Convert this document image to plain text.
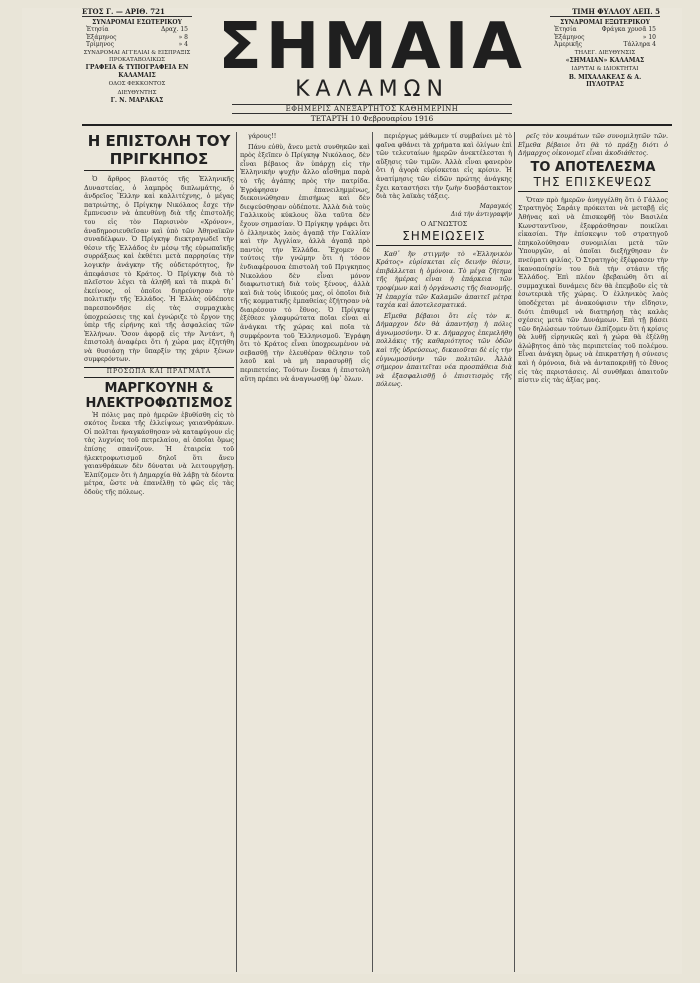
ΕΤΟΣ Γ. — ΑΡΙΘ. 721
ΣΥΝΔΡΟΜΑΙ ΕΣΩΤΕΡΙΚΟΥ
Ἐτησία	Δραχ. 15
Ἑξάμηνος	» 8
Τρίμηνος	» 4
ΣΥΝΔΡΟΜΑΙ ΑΓΓΕΛΙΑΙ & ΕΙΣΠΡΑΞΙΣ ΠΡΟΚΑΤΑΒΟΛΙΚΩΣ
ΓΡΑΦΕΙΑ & ΤΥΠΟΓΡΑΦΕΙΑ ΕΝ ΚΑΛΑΜΑΙΣ
ΟΔΟΣ ΦΕΚΚΟΝΤΟΣ
ΔΙΕΥΘΥΝΤΗΣ
Γ. Ν. ΜΑΡΑΚΑΣ
ΣΗΜΑΙΑ
ΚΑΛΑΜΩΝ
ΕΦΗΜΕΡΙΣ ΑΝΕΞΑΡΤΗΤΟΣ ΚΑΘΗΜΕΡΙΝΗ
ΤΕΤΑΡΤΗ 10 Φεβρουαρίου 1916
ΤΙΜΗ ΦΥΛΛΟΥ ΛΕΠ. 5
ΣΥΝΔΡΟΜΑΙ ΕΞΩΤΕΡΙΚΟΥ
Ἐτησία	Φράγκα χρυσᾶ 15
Ἑξάμηνος	» 10
Ἀμερικῆς	Τάλληρα 4
ΤΗΛΕΓ. ΔΙΕΥΘΥΝΣΙΣ
«ΣΗΜΑΙΑΝ» ΚΑΛΑΜΑΣ
ΙΔΡΥΤΑΙ & ΙΔΙΟΚΤΗΤΑΙ
Β. ΜΙΧΑΛΑΚΕΑΣ & Α. ΠΥΛΟΤΡΑΣ
Η ΕΠΙΣΤΟΛΗ ΤΟΥ ΠΡΙΓΚΗΠΟΣ

Ὁ ἄρθρος βλαστός τῆς Ἑλληνικῆς Δυναστείας, ὁ λαμπρὸς διπλωμάτης, ὁ ἀνδρεῖος Ἕλλην καὶ καλλιτέχνης, ὁ μέγας πατριώτης, ὁ Πρίγκηψ Νικόλαος ἔσχε τὴν ἔμπνευσιν νὰ ἀπευθύνῃ διὰ τῆς ἐπιστολῆς του εἰς τὸν Παρισινὸν «Χρόνον», ἀναδημοσιευθεῖσαν καὶ ὑπὸ τῶν Ἀθηναϊκῶν συναδέλφων. Ὁ Πρίγκηψ διεκτραγωδεῖ τὴν θέσιν τῆς Ἑλλάδος ἐν μέσῳ τῆς εὐρωπαϊκῆς συρράξεως καὶ ἐκθέτει μετὰ παρρησίας τὴν λογικὴν ἀνάγκην τῆς οὐδετερότητος, ἣν ἀπεφάσισε τὸ Κράτος. Ὁ Πρίγκηψ διὰ τὸ πλεῖστον λέγει τὰ ἀληθῆ καὶ τὰ πικρὰ δι᾽ ἐκείνους, οἱ ὁποῖοι διηρεύνησαν τὴν πολιτικὴν τῆς Ἑλλάδος. Ἡ Ἑλλὰς οὐδέποτε παρεσπονδήσε εἰς τὰς συμμαχικὰς ὑποχρεώσεις της καὶ ἐγνώριζε τὸ ἔργον της ὑπὲρ τῆς εἰρήνης καὶ τῆς ἀσφαλείας τῶν Ἑλλήνων. Ὅσον ἀφορᾷ εἰς τὴν Ἀντάντ, ἡ ἐπιστολὴ ἀναφέρει ὅτι ἡ χώρα μας ἐζητήθη νὰ θυσιάσῃ τὴν ὕπαρξίν της χάριν ξένων συμφερόντων.

ΠΡΟΣΩΠΑ ΚΑΙ ΠΡΑΓΜΑΤΑ
ΜΑΡΓΚΟΥΝΗ & ΗΛΕΚΤΡΟΦΩΤΙΣΜΟΣ

Ἡ πόλις μας πρὸ ἡμερῶν ἐβυθίσθη εἰς τὸ σκότος ἕνεκα τῆς ἐλλείψεως γαιανθράκων. Οἱ πολῖται ἠναγκάσθησαν νὰ καταφύγουν εἰς τὰς λυχνίας τοῦ πετρελαίου, αἱ ὁποῖαι ὅμως ἐπίσης σπανίζουν. Ἡ ἑταιρεία τοῦ ἠλεκτροφωτισμοῦ δηλοῖ ὅτι ἄνευ γαιανθράκων δὲν δύναται νὰ λειτουργήσῃ. Ἐλπίζομεν ὅτι ἡ Δημαρχία θὰ λάβῃ τὰ δέοντα μέτρα, ὥστε νὰ ἐπανέλθῃ τὸ φῶς εἰς τὰς ὁδοὺς τῆς πόλεως.

γάρους!!

Πάνυ εὐθὺ, ἄνευ μετὰ συνθηκῶν καὶ πρὸς ἐξεῖπεν ὁ Πρίγκηψ Νικόλαος, δὲν εἶναι βέβαιος ἂν ὑπάρχῃ εἰς τὴν Ἑλληνικὴν ψυχὴν ἄλλο αἴσθημα παρὰ τὸ τῆς ἀγάπης πρὸς τὴν πατρίδα. Ἐγράφησαν ἐπανειλημμένως, διεκοινώθησαν ἐπισήμως καὶ δὲν διεψεύσθησαν οὐδέποτε. Ἀλλὰ διὰ τοὺς Γαλλικοὺς κύκλους ὅλα ταῦτα δὲν ἔχουν σημασίαν. Ὁ Πρίγκηψ γράφει ὅτι ὁ ἑλληνικὸς λαὸς ἀγαπᾷ τὴν Γαλλίαν καὶ τὴν Ἀγγλίαν, ἀλλὰ ἀγαπᾷ πρὸ παντὸς τὴν Ἑλλάδα. Ἔχομεν δὲ τούτοις τὴν γνώμην ὅτι ἡ τόσον ἐνδιαφέρουσα ἐπιστολὴ τοῦ Πριγκηπος Νικολάου δὲν εἶναι μόνον διαφωτιστικὴ διὰ τοὺς ξένους, ἀλλὰ καὶ διὰ τοὺς ἰδικούς μας, οἱ ὁποῖοι διὰ τῆς κομματικῆς ἐμπαθείας ἐζήτησαν νὰ διαιρέσουν τὸ ἔθνος. Ὁ Πρίγκηψ ἐξέθεσε γλαφυρώτατα ποῖαι εἶναι αἱ ἀνάγκαι τῆς χώρας καὶ ποῖα τὰ συμφέροντα τοῦ Ἑλληνισμοῦ. Ἐγράφη ὅτι τὸ Κράτος εἶναι ὑποχρεωμένον νὰ σεβασθῇ τὴν ἐλευθέραν θέλησιν τοῦ λαοῦ καὶ νὰ μὴ παρασυρθῇ εἰς περιπετείας. Τούτων ἕνεκα ἡ ἐπιστολὴ αὕτη πρέπει νὰ ἀναγνωσθῇ ὑφ᾽ ὅλων.

περιέργως μάθωμεν τί συμβαίνει μὲ τὸ φαῖνα φθάνει τὰ χρήματα καὶ ὀλίγων ἐπὶ τῶν τελευταίων ἡμερῶν ἀνεκτέλεσται ἡ αὔξησις τῶν τιμῶν. Ἀλλὰ εἶναι φανερὸν ὅτι ἡ ἀγορὰ εὑρίσκεται εἰς κρίσιν. Ἡ ἀνατίμησις τῶν εἰδῶν πρώτης ἀνάγκης ἔχει καταστήσει τὴν ζωὴν δυσβάστακτον διὰ τὰς λαϊκὰς τάξεις.

Μαραγκός
Διά τὴν ἀντιγραφήν
Ο ΑΓΝΩΣΤΟΣ
ΣΗΜΕΙΩΣΕΙΣ

Καθ᾽ ἣν στιγμὴν τὸ «Ἑλληνικὸν Κράτος» εὑρίσκεται εἰς δεινὴν θέσιν, ἐπιβάλλεται ἡ ὁμόνοια. Τὸ μέγα ζήτημα τῆς ἡμέρας εἶναι ἡ ἐπάρκεια τῶν τροφίμων καὶ ἡ ὀργάνωσις τῆς διανομῆς. Ἡ ἐπαρχία τῶν Καλαμῶν ἀπαιτεῖ μέτρα ταχέα καὶ ἀποτελεσματικά.

Εἴμεθα βέβαιοι ὅτι εἰς τὸν κ. Δήμαρχον δὲν θὰ ἀπαντήσῃ ἡ πόλις ἀγνωμοσύνην. Ὁ κ. Δήμαρχος ἐπεμελήθη πολλάκις τῆς καθαριότητος τῶν ὁδῶν καὶ τῆς ὑδρεύσεως, δικαιοῦται δὲ εἰς τὴν εὐγνωμοσύνην τῶν πολιτῶν. Ἀλλὰ σήμερον ἀπαιτεῖται νέα προσπάθεια διὰ νὰ ἐξασφαλισθῇ ὁ ἐπισιτισμὸς τῆς πόλεως.

ρεῖς τὸν κουμάτων τῶν συνομιλητῶν τῶν. Εἴμεθα βέβαιοι ὅτι θὰ τὸ πράξῃ διότι ὁ Δήμαρχος οἰκονομεῖ εἶναι ἀκοδιάθετος.

ΤΟ ΑΠΟΤΕΛΕΣΜΑ
ΤΗΣ ΕΠΙΣΚΕΨΕΩΣ

Ὅταν πρὸ ἡμερῶν ἀνηγγέλθη ὅτι ὁ Γάλλος Στρατηγὸς Σαράιγ πρόκειται νὰ μεταβῇ εἰς Ἀθήνας καὶ νὰ ἐπισκεφθῇ τὸν Βασιλέα Κωνσταντῖνον, ἐξεφράσθησαν ποικίλαι εἰκασίαι. Τὴν ἐπίσκεψιν τοῦ στρατηγοῦ ἐπηκολούθησαν συνομιλίαι μετὰ τῶν Ὑπουργῶν, αἱ ὁποῖαι διεξήχθησαν ἐν πνεύματι φιλίας. Ὁ Στρατηγὸς ἐξέφρασεν τὴν ἱκανοποίησίν του διὰ τὴν στάσιν τῆς Ἑλλάδος. Ἐπὶ πλέον ἐβεβαιώθη ὅτι αἱ συμμαχικαὶ δυνάμεις δὲν θὰ ἐπεμβοῦν εἰς τὰ ἐσωτερικὰ τῆς χώρας. Ὁ ἑλληνικὸς λαὸς ὑποδέχεται μὲ ἀνακούφισιν τὴν εἴδησιν, διότι ἐπιθυμεῖ νὰ διατηρήσῃ τὰς καλὰς σχέσεις μετὰ τῶν Δυνάμεων. Ἐπὶ τῇ βάσει τῶν δηλώσεων τούτων ἐλπίζομεν ὅτι ἡ κρίσις θὰ λυθῇ εἰρηνικῶς καὶ ἡ χώρα θὰ ἐξέλθῃ ἀλώβητος ἀπὸ τὰς περιπετείας τοῦ πολέμου. Εἶναι ἀνάγκη ὅμως νὰ ἐπικρατήσῃ ἡ σύνεσις καὶ ἡ ὁμόνοια, διὰ νὰ ἀνταποκριθῇ τὸ ἔθνος εἰς τὰς περιστάσεις. Αἱ συνθῆκαι ἀπαιτοῦν πίστιν εἰς τὰς ἀξίας μας.
